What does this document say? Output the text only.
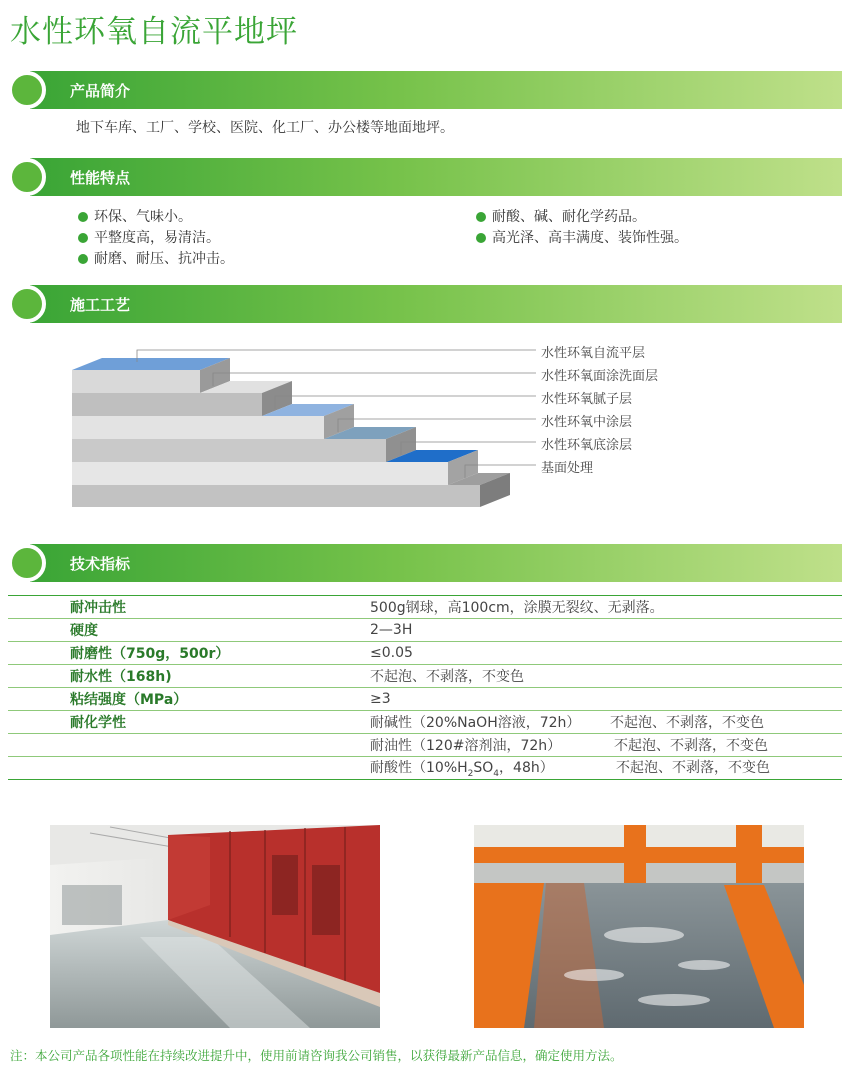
水性环氧自流平地坪
产品简介
地下车库、工厂、学校、医院、化工厂、办公楼等地面地坪。
性能特点
环保、气味小。
平整度高，易清洁。
耐磨、耐压、抗冲击。
耐酸、碱、耐化学药品。
高光泽、高丰满度、装饰性强。
施工工艺
水性环氧自流平层
水性环氧面涂洗面层
水性环氧腻子层
水性环氧中涂层
水性环氧底涂层
基面处理
技术指标
耐冲击性	500g钢球，高100cm，涂膜无裂纹、无剥落。
硬度	2—3H
耐磨性（750g，500r）	≤0.05
耐水性（168h)	不起泡、不剥落，不变色
粘结强度（MPa）	≥3
耐化学性	耐碱性（20%NaOH溶液，72h） 不起泡、不剥落，不变色
	耐油性（120#溶剂油，72h） 不起泡、不剥落，不变色
	耐酸性（$10\%H_2SO_4$，48h） 不起泡、不剥落，不变色
注：本公司产品各项性能在持续改进提升中，使用前请咨询我公司销售，以获得最新产品信息，确定使用方法。
